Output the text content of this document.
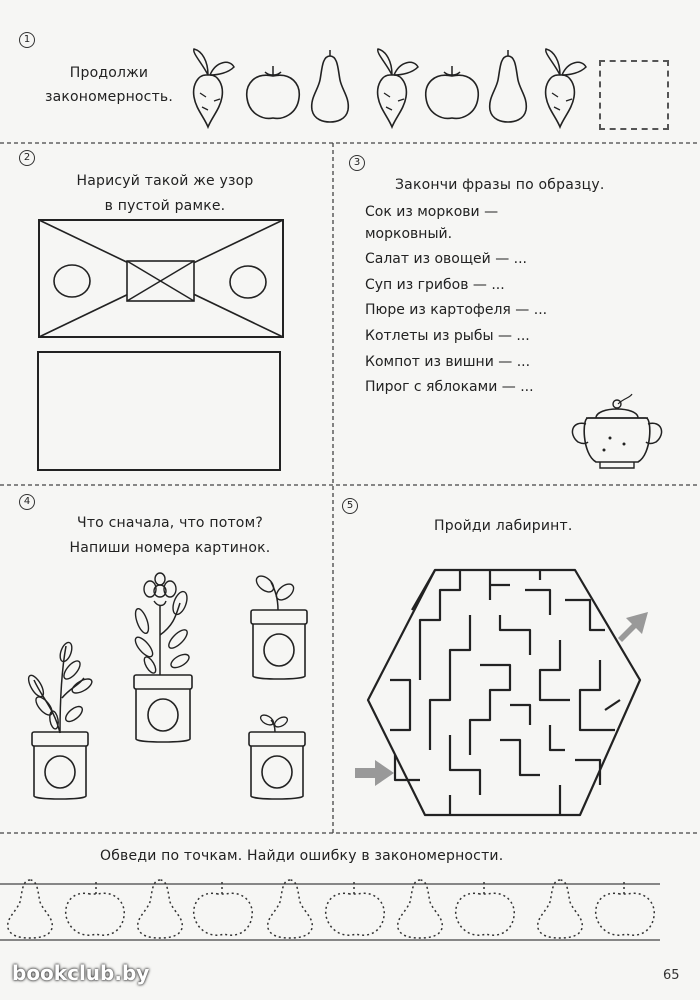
1
Продолжи
закономерность.
2
Нарисуй такой же узор
в пустой рамке.
3
Закончи фразы по образцу.
Сок из моркови —
морковный.
Салат из овощей — ...
Суп из грибов — ...
Пюре из картофеля — ...
Котлеты из рыбы — ...
Компот из вишни — ...
Пирог с яблоками — ...
4
Что сначала, что потом?
Напиши номера картинок.
5
Пройди лабиринт.
Обведи по точкам. Найди ошибку в закономерности.
bookclub.by	65
